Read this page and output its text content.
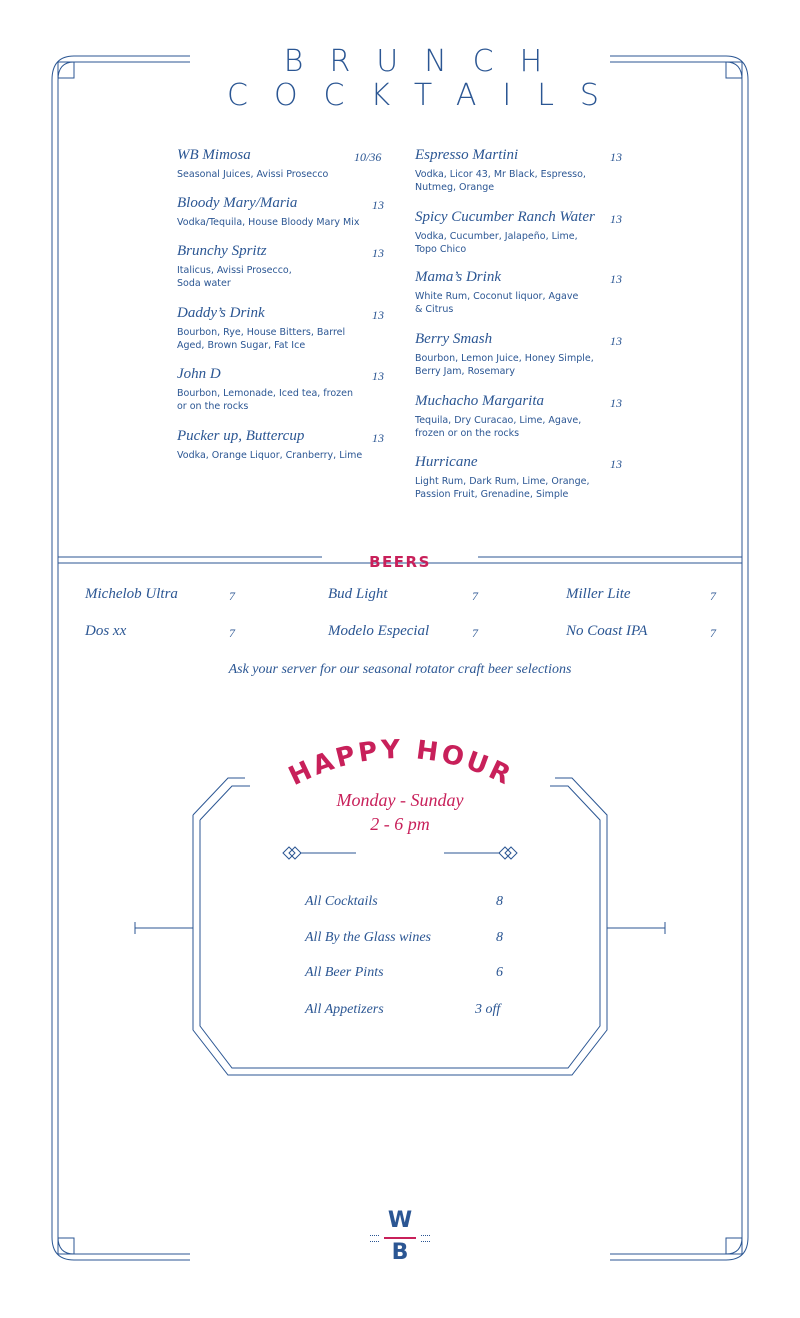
BRUNCH
COCKTAILS
WB Mimosa
Seasonal Juices, Avissi Prosecco
10/36
Bloody Mary/Maria
Vodka/Tequila, House Bloody Mary Mix
13
Brunchy Spritz
Italicus, Avissi Prosecco,
Soda water
13
Daddy’s Drink
Bourbon, Rye, House Bitters, Barrel
Aged, Brown Sugar, Fat Ice
13
John D
Bourbon, Lemonade, Iced tea, frozen
or on the rocks
13
Pucker up, Buttercup
Vodka, Orange Liquor, Cranberry, Lime
13
Espresso Martini
Vodka, Licor 43, Mr Black, Espresso,
Nutmeg, Orange
13
Spicy Cucumber Ranch Water
Vodka, Cucumber, Jalapeño, Lime,
Topo Chico
13
Mama’s Drink
White Rum, Coconut liquor, Agave
& Citrus
13
Berry Smash
Bourbon, Lemon Juice, Honey Simple,
Berry Jam, Rosemary
13
Muchacho Margarita
Tequila, Dry Curacao, Lime, Agave,
frozen or on the rocks
13
Hurricane
Light Rum, Dark Rum, Lime, Orange,
Passion Fruit, Grenadine, Simple
13
BEERS
Michelob Ultra	7	Bud Light	7	Miller Lite	7
Dos xx	7	Modelo Especial	7	No Coast IPA	7
Ask your server for our seasonal rotator craft beer selections
HAPPY HOUR
Monday - Sunday
2 - 6 pm
All Cocktails	8
All By the Glass wines	8
All Beer Pints	6
All Appetizers	3 off
W
B
